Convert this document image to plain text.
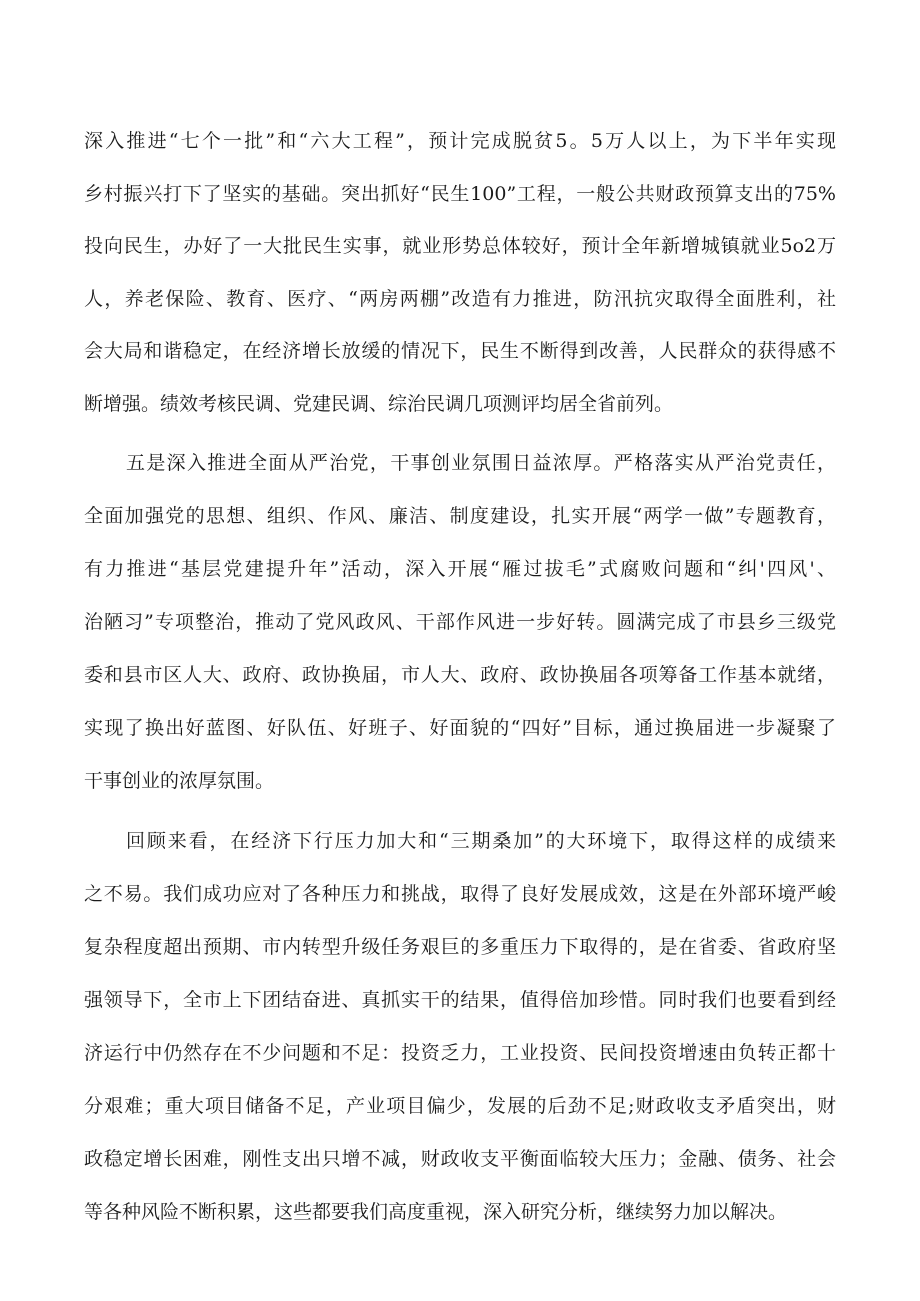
深入推进“七个一批”和“六大工程”，预计完成脱贫5。5万人以上，为下半年实现
乡村振兴打下了坚实的基础。突出抓好“民生100”工程，一般公共财政预算支出的75%
投向民生，办好了一大批民生实事，就业形势总体较好，预计全年新增城镇就业5o2万
人，养老保险、教育、医疗、“两房两棚”改造有力推进，防汛抗灾取得全面胜利，社
会大局和谐稳定，在经济增长放缓的情况下，民生不断得到改善，人民群众的获得感不
断增强。绩效考核民调、党建民调、综治民调几项测评均居全省前列。
五是深入推进全面从严治党，干事创业氛围日益浓厚。严格落实从严治党责任，
全面加强党的思想、组织、作风、廉洁、制度建设，扎实开展“两学一做”专题教育，
有力推进“基层党建提升年”活动，深入开展“雁过拔毛”式腐败问题和“纠'四风'、
治陋习”专项整治，推动了党风政风、干部作风进一步好转。圆满完成了市县乡三级党
委和县市区人大、政府、政协换届，市人大、政府、政协换届各项筹备工作基本就绪，
实现了换出好蓝图、好队伍、好班子、好面貌的“四好”目标，通过换届进一步凝聚了
干事创业的浓厚氛围。
回顾来看，在经济下行压力加大和“三期桑加”的大环境下，取得这样的成绩来
之不易。我们成功应对了各种压力和挑战，取得了良好发展成效，这是在外部环境严峻
复杂程度超出预期、市内转型升级任务艰巨的多重压力下取得的，是在省委、省政府坚
强领导下，全市上下团结奋进、真抓实干的结果，值得倍加珍惜。同时我们也要看到经
济运行中仍然存在不少问题和不足：投资乏力，工业投资、民间投资增速由负转正都十
分艰难；重大项目储备不足，产业项目偏少，发展的后劲不足;财政收支矛盾突出，财
政稳定增长困难，刚性支出只增不减，财政收支平衡面临较大压力；金融、债务、社会
等各种风险不断积累，这些都要我们高度重视，深入研究分析，继续努力加以解决。
